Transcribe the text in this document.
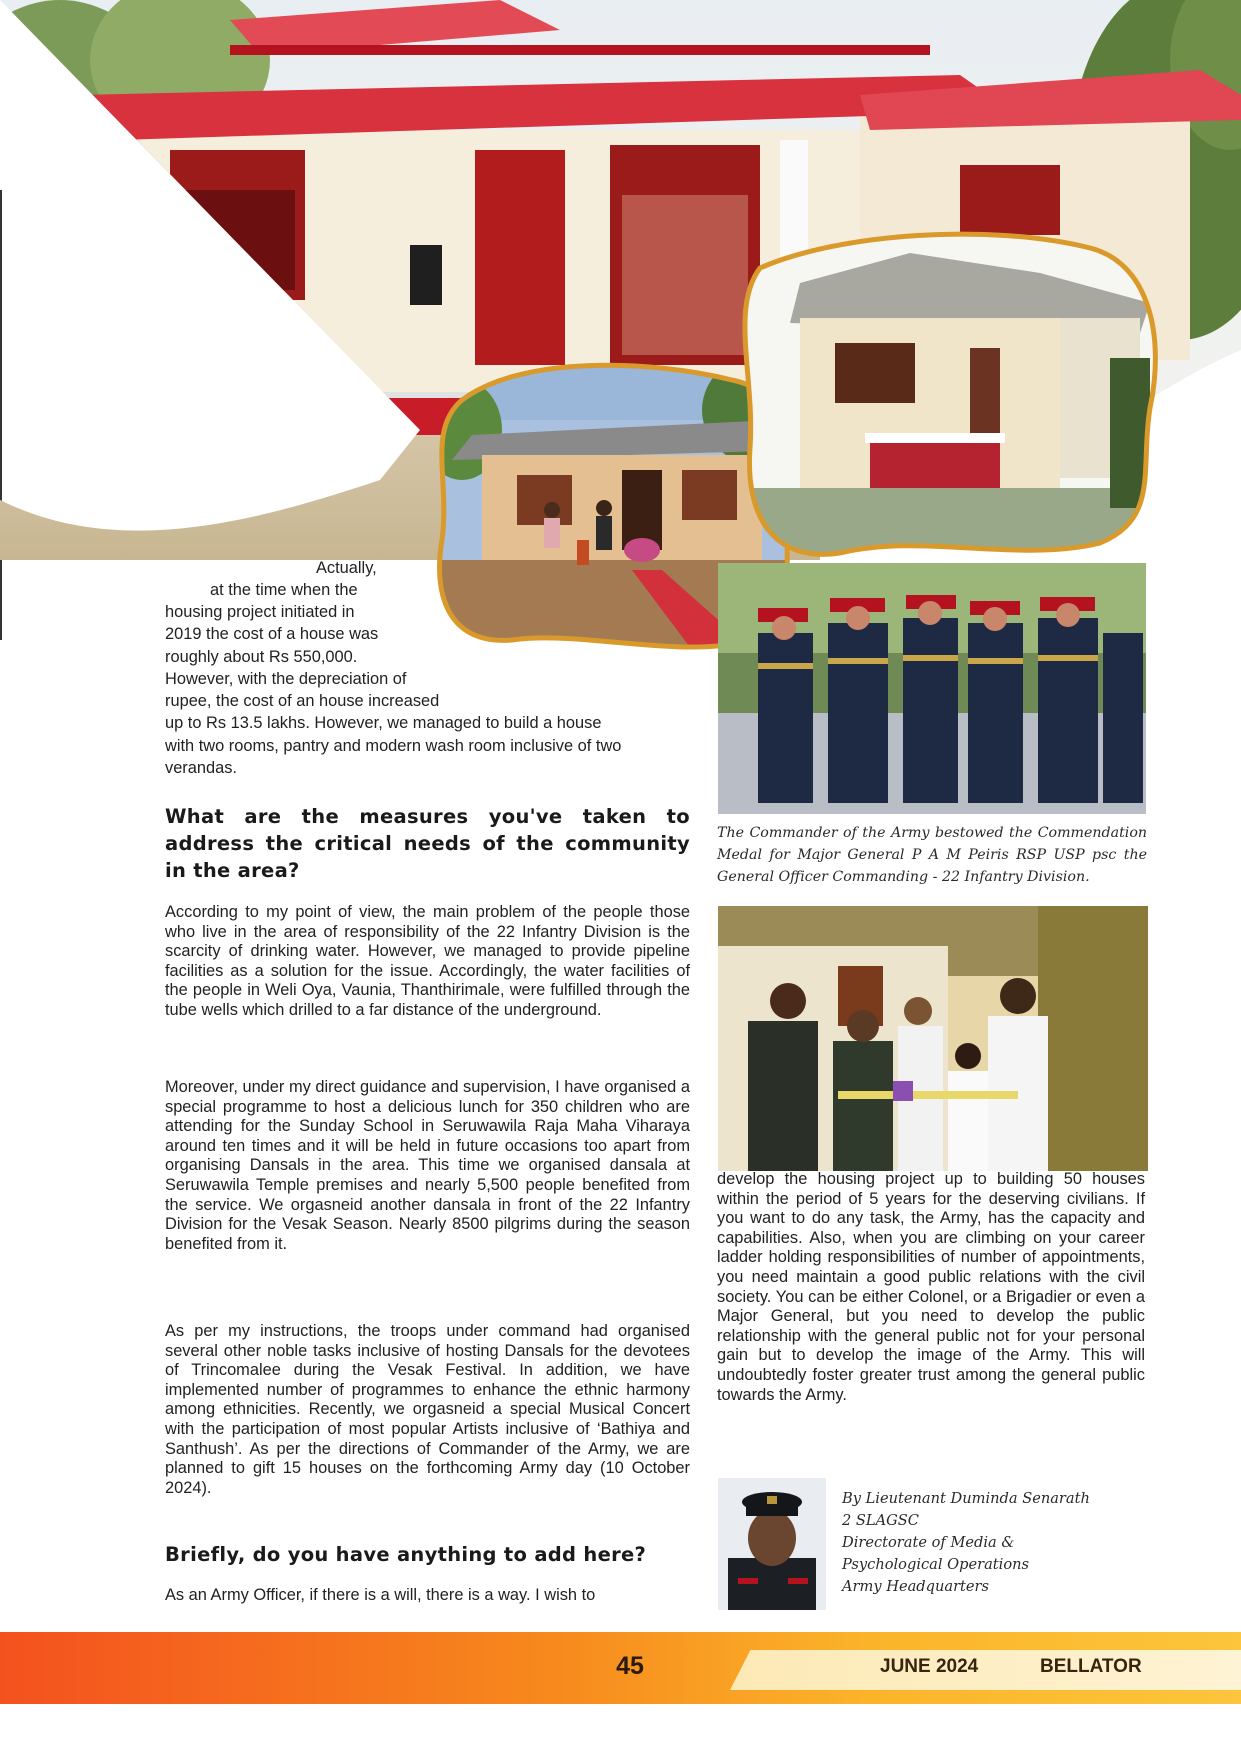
Actually,
at the time when the
housing project initiated in
2019 the cost of a house was
roughly about Rs 550,000.
However, with the depreciation of
rupee, the cost of an house increased
up to Rs 13.5 lakhs. However, we managed to build a house
with two rooms, pantry and modern wash room inclusive of two
verandas.
What are the measures you've taken to address the critical needs of the community in the area?
According to my point of view, the main problem of the people those who live in the area of responsibility of the 22 Infantry Division is the scarcity of drinking water. However, we managed to provide pipeline facilities as a solution for the issue. Accordingly, the water facilities of the people in Weli Oya, Vaunia, Thanthirimale, were fulfilled through the tube wells which drilled to a far distance of the underground.
Moreover, under my direct guidance and supervision, I have organised a special programme to host a delicious lunch for 350 children who are attending for the Sunday School in Seruwawila Raja Maha Viharaya around ten times and it will be held in future occasions too apart from organising Dansals in the area. This time we organised dansala at Seruwawila Temple premises and nearly 5,500 people benefited from the service. We orgasneid another dansala in front of the 22 Infantry Division for the Vesak Season. Nearly 8500 pilgrims during the season benefited from it.
As per my instructions, the troops under command had organised several other noble tasks inclusive of hosting Dansals for the devotees of Trincomalee during the Vesak Festival. In addition, we have implemented number of programmes to enhance the ethnic harmony among ethnicities. Recently, we orgasneid a special Musical Concert with the participation of most popular Artists inclusive of ‘Bathiya and Santhush’. As per the directions of Commander of the Army, we are planned to gift 15 houses on the forthcoming Army day (10 October 2024).
Briefly, do you have anything to add here?
As an Army Officer, if there is a will, there is a way. I wish to
The Commander of the Army bestowed the Commendation Medal for Major General P A M Peiris RSP USP psc the General Officer Commanding - 22 Infantry Division.
develop the housing project up to building 50 houses within the period of 5 years for the deserving civilians. If you want to do any task, the Army, has the capacity and capabilities. Also, when you are climbing on your career ladder holding responsibilities of number of appointments, you need maintain a good public relations with the civil society. You can be either Colonel, or a Brigadier or even a Major General, but you need to develop the public relationship with the general public not for your personal gain but to develop the image of the Army. This will undoubtedly foster greater trust among the general public towards the Army.
By Lieutenant Duminda Senarath
2 SLAGSC
Directorate of Media &
Psychological Operations
Army Headquarters
45	JUNE 2024	BELLATOR
